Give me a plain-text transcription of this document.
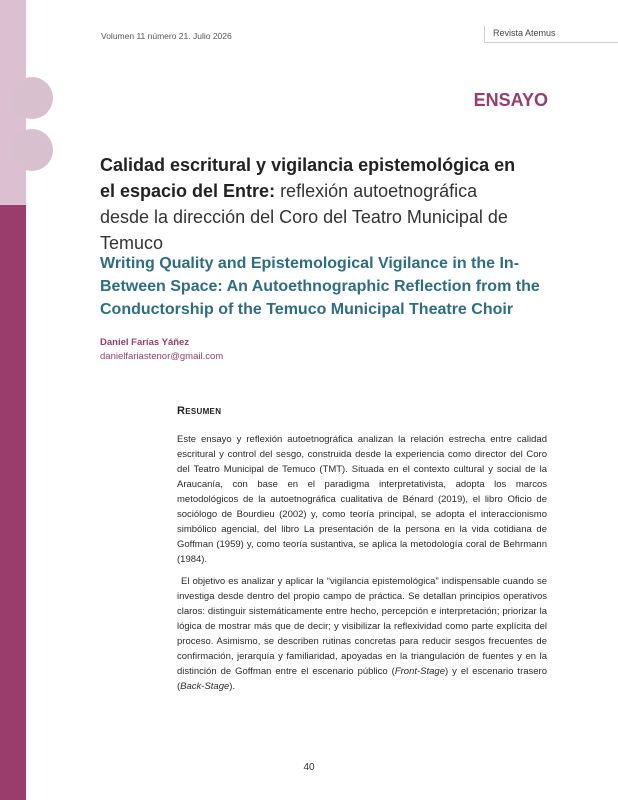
Volumen 11 número 21. Julio 2026	Revista Atemus
ENSAYO
Calidad escritural y vigilancia epistemológica en el espacio del Entre: reflexión autoetnográfica desde la dirección del Coro del Teatro Municipal de Temuco
Writing Quality and Epistemological Vigilance in the In-Between Space: An Autoethnographic Reflection from the Conductorship of the Temuco Municipal Theatre Choir
Daniel Farías Yáñez
danielfariastenor@gmail.com
Resumen

Este ensayo y reflexión autoetnográfica analizan la relación estrecha entre calidad escritural y control del sesgo, construida desde la experiencia como director del Coro del Teatro Municipal de Temuco (TMT). Situada en el contexto cultural y social de la Araucanía, con base en el paradigma interpretativista, adopta los marcos metodológicos de la autoetnográfica cualitativa de Bénard (2019), el libro Oficio de sociólogo de Bourdieu (2002) y, como teoría principal, se adopta el interaccionismo simbólico agencial, del libro La presentación de la persona en la vida cotidiana de Goffman (1959) y, como teoría sustantiva, se aplica la metodología coral de Behrmann (1984).

El objetivo es analizar y aplicar la “vigilancia epistemológica” indispensable cuando se investiga desde dentro del propio campo de práctica. Se detallan principios operativos claros: distinguir sistemáticamente entre hecho, percepción e interpretación; priorizar la lógica de mostrar más que de decir; y visibilizar la reflexividad como parte explícita del proceso. Asimismo, se describen rutinas concretas para reducir sesgos frecuentes de confirmación, jerarquía y familiaridad, apoyadas en la triangulación de fuentes y en la distinción de Goffman entre el escenario público (Front-Stage) y el escenario trasero (Back-Stage).

40
